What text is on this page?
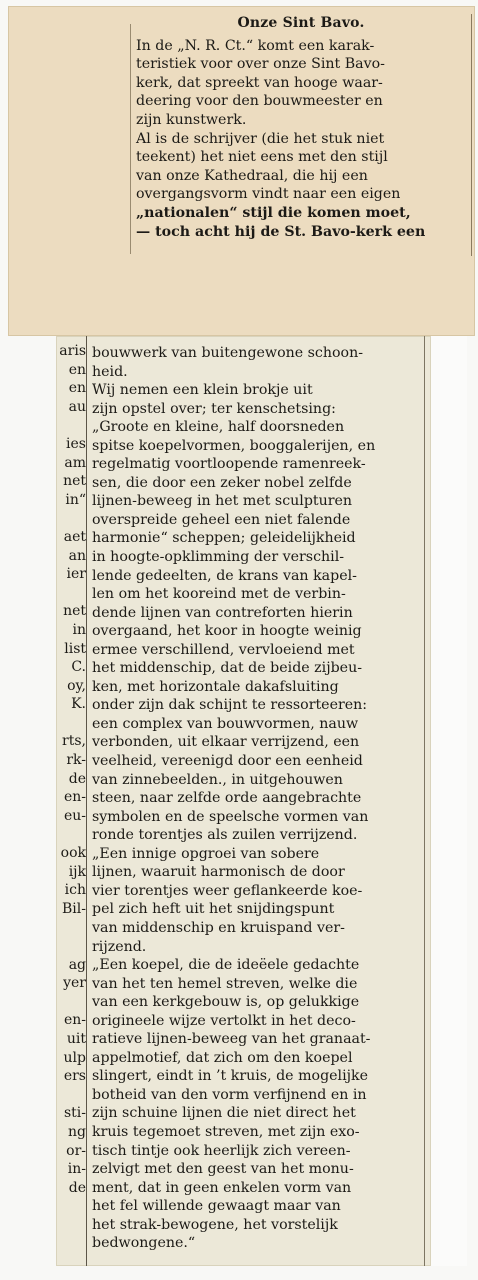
Onze Sint Bavo.
In de „N. R. Ct.“ komt een karak-
teristiek voor over onze Sint Bavo-
kerk, dat spreekt van hooge waar-
deering voor den bouwmeester en
zijn kunstwerk.
Al is de schrijver (die het stuk niet
teekent) het niet eens met den stijl
van onze Kathedraal, die hij een
overgangsvorm vindt naar een eigen
„nationalen“ stijl die komen moet,
— toch acht hij de St. Bavo-kerk een
aris
en
en
au

ies
am
net
in“

aet
an
ier

net
in
list
C.
oy,
K.

rts,
rk-
de
en-
eu-

ook
ijk
ich
Bil-

ag
yer

en-
uit
ulp
ers

sti-
ng
or-
in-
de
bouwwerk van buitengewone schoon-
heid.
Wij nemen een klein brokje uit
zijn opstel over; ter kenschetsing:
„Groote en kleine, half doorsneden
spitse koepelvormen, booggalerijen, en
regelmatig voortloopende ramenreek-
sen, die door een zeker nobel zelfde
lijnen-beweeg in het met sculpturen
overspreide geheel een niet falende
harmonie“ scheppen; geleidelijkheid
in hoogte-opklimming der verschil-
lende gedeelten, de krans van kapel-
len om het kooreind met de verbin-
dende lijnen van contreforten hierin
overgaand, het koor in hoogte weinig
ermee verschillend, vervloeiend met
het middenschip, dat de beide zijbeu-
ken, met horizontale dakafsluiting
onder zijn dak schijnt te ressorteeren:
een complex van bouwvormen, nauw
verbonden, uit elkaar verrijzend, een
veelheid, vereenigd door een eenheid
van zinnebeelden., in uitgehouwen
steen, naar zelfde orde aangebrachte
symbolen en de speelsche vormen van
ronde torentjes als zuilen verrijzend.
„Een innige opgroei van sobere
lijnen, waaruit harmonisch de door
vier torentjes weer geflankeerde koe-
pel zich heft uit het snijdingspunt
van middenschip en kruispand ver-
rijzend.
„Een koepel, die de ideëele gedachte
van het ten hemel streven, welke die
van een kerkgebouw is, op gelukkige
origineele wijze vertolkt in het deco-
ratieve lijnen-beweeg van het granaat-
appelmotief, dat zich om den koepel
slingert, eindt in ’t kruis, de mogelijke
botheid van den vorm verfijnend en in
zijn schuine lijnen die niet direct het
kruis tegemoet streven, met zijn exo-
tisch tintje ook heerlijk zich vereen-
zelvigt met den geest van het monu-
ment, dat in geen enkelen vorm van
het fel willende gewaagt maar van
het strak-bewogene, het vorstelijk
bedwongene.“
